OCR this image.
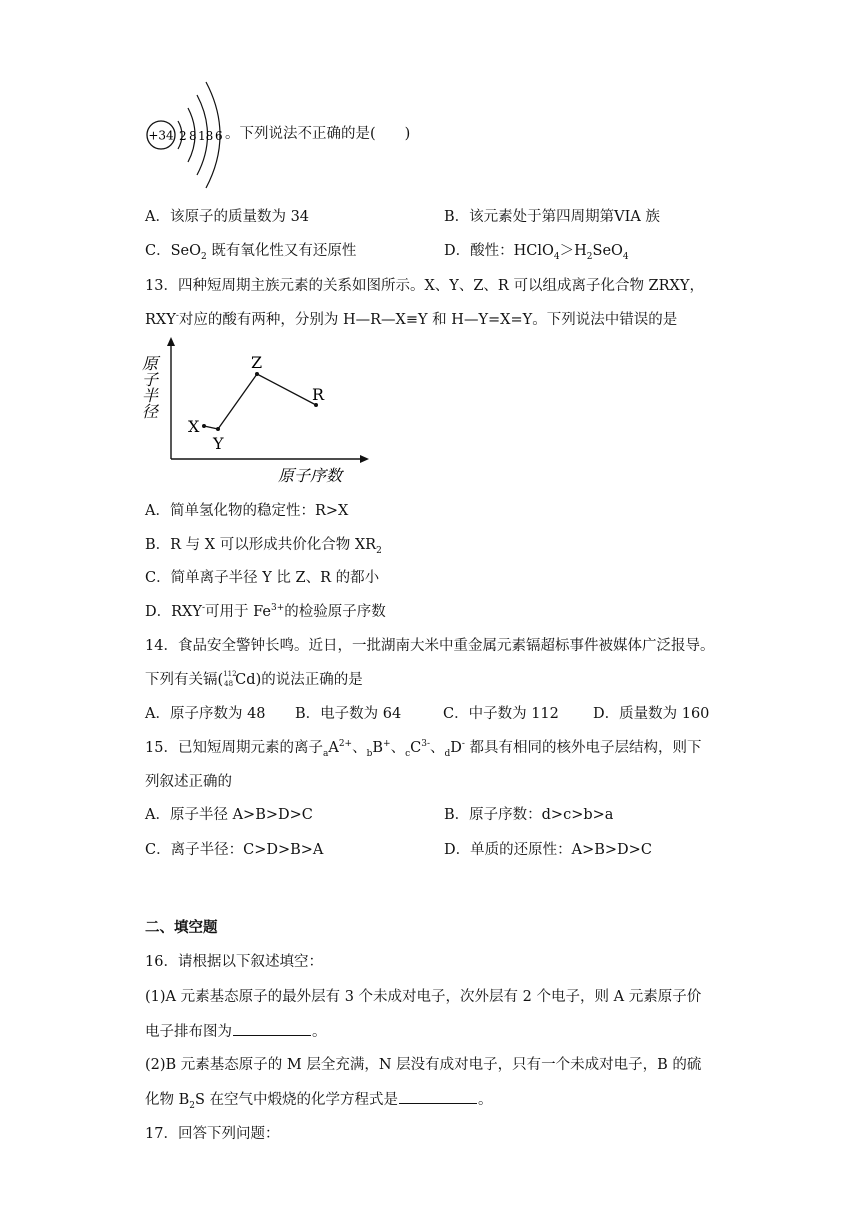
+34 2 8 18 6 。下列说法不正确的是(　　)
A．该原子的质量数为 34	B．该元素处于第四周期第VIA 族
C．SeO$_2$ 既有氧化性又有还原性	D．酸性：$HClO_4>H_2SeO_4$
13．四种短周期主族元素的关系如图所示。X、Y、Z、R 可以组成离子化合物 ZRXY，
RXY-对应的酸有两种，分别为 H—R—X≡Y 和 H—Y=X=Y。下列说法中错误的是
原子半径
原子序数
X
Y
Z
R
A．简单氢化物的稳定性：R>X
B．R 与 X 可以形成共价化合物 $XR_2$
C．简单离子半径 Y 比 Z、R 的都小
D．RXY-可用于 $Fe^{3+}$的检验原子序数
14．食品安全警钟长鸣。近日，一批湖南大米中重金属元素镉超标事件被媒体广泛报导。
下列有关镉( 112
48 Cd)的说法正确的是
A．原子序数为 48 B．电子数为 64	C．中子数为 112 D．质量数为 160
15．已知短周期元素的离子$_aA^{2+}$、$_b$B+、$_cC^{3-}$、$_d$D- 都具有相同的核外电子层结构，则下
列叙述正确的
A．原子半径 A>B>D>C	B．原子序数：d>c>b>a
C．离子半径：C>D>B>A	D．单质的还原性：A>B>D>C
二、填空题
16．请根据以下叙述填空：
(1)A 元素基态原子的最外层有 3 个未成对电子，次外层有 2 个电子，则 A 元素原子价
电子排布图为	。
(2)B 元素基态原子的 M 层全充满，N 层没有成对电子，只有一个未成对电子，B 的硫
化物 $B_2S$ 在空气中煅烧的化学方程式是	。
17．回答下列问题：
